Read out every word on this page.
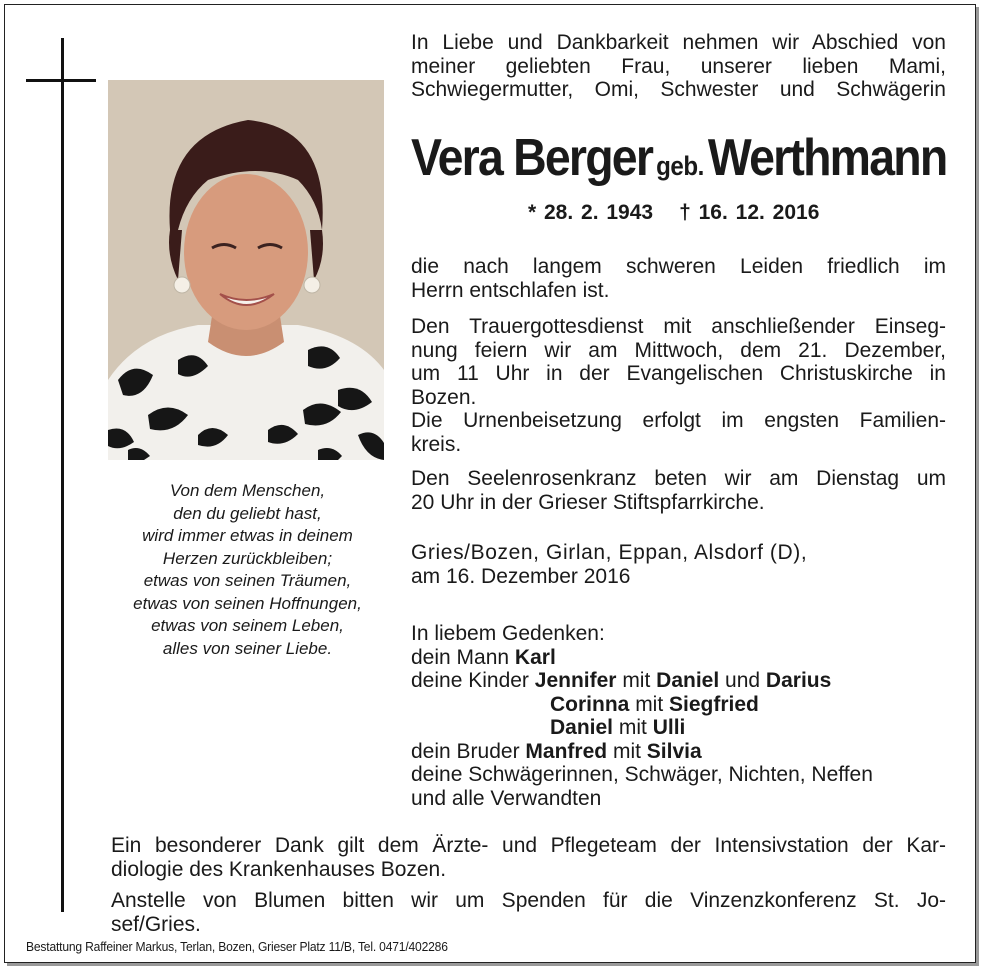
Von dem Menschen,
den du geliebt hast,
wird immer etwas in deinem
Herzen zurückbleiben;
etwas von seinen Träumen,
etwas von seinen Hoffnungen,
etwas von seinem Leben,
alles von seiner Liebe.
In Liebe und Dankbarkeit nehmen wir Abschied von
meiner geliebten Frau, unserer lieben Mami,
Schwiegermutter, Omi, Schwester und Schwägerin
Vera Berger geb. Werthmann
* 28. 2. 1943 † 16. 12. 2016
die nach langem schweren Leiden friedlich im
Herrn entschlafen ist.
Den Trauergottesdienst mit anschließender Einseg-
nung feiern wir am Mittwoch, dem 21. Dezember,
um 11 Uhr in der Evangelischen Christuskirche in
Bozen.
Die Urnenbeisetzung erfolgt im engsten Familien-
kreis.
Den Seelenrosenkranz beten wir am Dienstag um
20 Uhr in der Grieser Stiftspfarrkirche.
Gries/Bozen, Girlan, Eppan, Alsdorf (D),
am 16. Dezember 2016
In liebem Gedenken:
dein Mann Karl
deine Kinder Jennifer mit Daniel und Darius
Corinna mit Siegfried
Daniel mit Ulli
dein Bruder Manfred mit Silvia
deine Schwägerinnen, Schwäger, Nichten, Neffen
und alle Verwandten
Ein besonderer Dank gilt dem Ärzte- und Pflegeteam der Intensivstation der Kar-
diologie des Krankenhauses Bozen.
Anstelle von Blumen bitten wir um Spenden für die Vinzenzkonferenz St. Jo-
sef/Gries.
Bestattung Raffeiner Markus, Terlan, Bozen, Grieser Platz 11/B, Tel. 0471/402286
